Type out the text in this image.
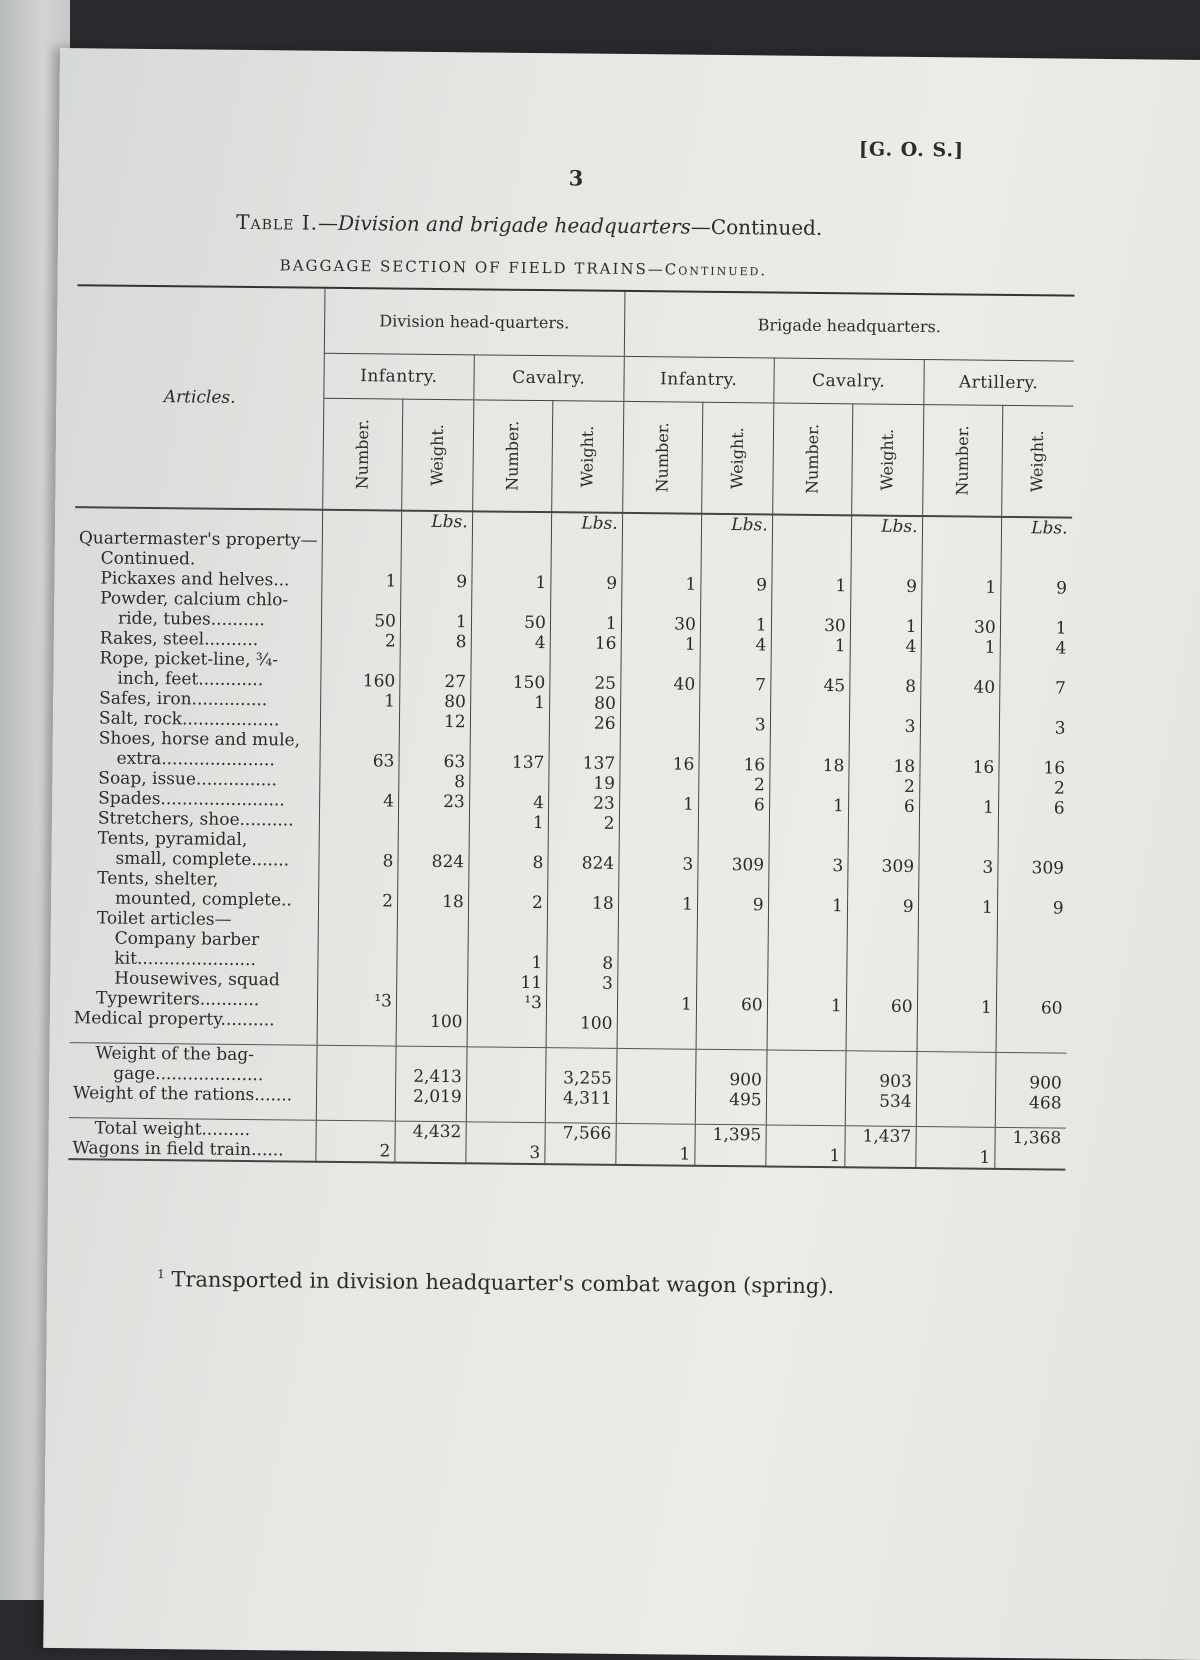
[G. O. S.]
3
Table I.—Division and brigade headquarters—Continued.
BAGGAGE SECTION OF FIELD TRAINS—Continued.
Articles.	Division head-quarters.				Brigade headquarters.					
	Infantry.		Cavalry.		Infantry.		Cavalry.		Artillery.	
	Number.	Weight.	Number.	Weight.	Number.	Weight.	Number.	Weight.	Number.	Weight.
		Lbs.		Lbs.		Lbs.		Lbs.		Lbs.
Quartermaster's property—										
Continued.										
Pickaxes and helves...	1	9	1	9	1	9	1	9	1	9
Powder, calcium chlo-										
ride, tubes..........	50	1	50	1	30	1	30	1	30	1
Rakes, steel..........	2	8	4	16	1	4	1	4	1	4
Rope, picket-line, ¾-										
inch, feet............	160	27	150	25	40	7	45	8	40	7
Safes, iron..............	1	80	1	80						
Salt, rock..................		12		26		3		3		3
Shoes, horse and mule,										
extra.....................	63	63	137	137	16	16	18	18	16	16
Soap, issue...............		8		19		2		2		2
Spades.......................	4	23	4	23	1	6	1	6	1	6
Stretchers, shoe..........			1	2						
Tents, pyramidal,										
small, complete.......	8	824	8	824	3	309	3	309	3	309
Tents, shelter,										
mounted, complete..	2	18	2	18	1	9	1	9	1	9
Toilet articles—										
Company barber										
kit......................			1	8						
Housewives, squad			11	3						
Typewriters...........	¹3		¹3		1	60	1	60	1	60
Medical property..........		100		100						

Weight of the bag-										
gage....................		2,413		3,255		900		903		900
Weight of the rations.......		2,019		4,311		495		534		468

Total weight.........		4,432		7,566		1,395		1,437		1,368
Wagons in field train......	2		3		1		1		1	
$^1$ Transported in division headquarter's combat wagon (spring).
